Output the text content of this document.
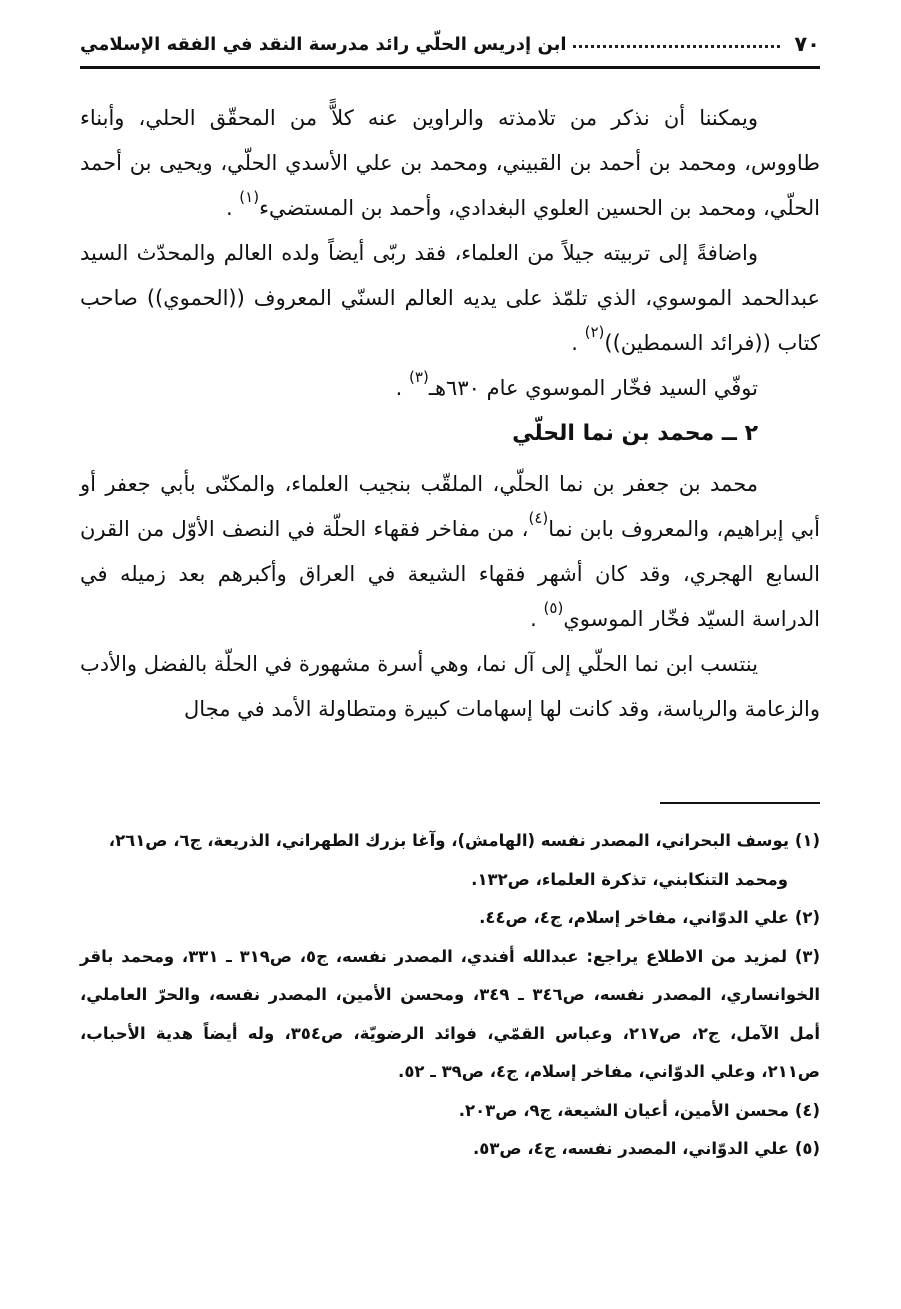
٧٠
ابن إدريس الحلّي رائد مدرسة النقد في الفقه الإسلامي

ويمكننا أن نذكر من تلامذته والراوين عنه كلاًّ من المحقّق الحلي، وأبناء طاووس، ومحمد بن أحمد بن القبيني، ومحمد بن علي الأسدي الحلّي، ويحيى بن أحمد الحلّي، ومحمد بن الحسين العلوي البغدادي، وأحمد بن المستضيء$^{(١)}$ .

واضافةً إلى تربيته جيلاً من العلماء، فقد ربّى أيضاً ولده العالم والمحدّث السيد عبدالحمد الموسوي، الذي تلمّذ على يديه العالم السنّي المعروف ((الحموي)) صاحب كتاب ((فرائد السمطين))$^{(٢)}$ .

توفّي السيد فخّار الموسوي عام ٦٣٠هـ$^{(٣)}$ .

٢ ــ محمد بن نما الحلّي

محمد بن جعفر بن نما الحلّي، الملقّب بنجيب العلماء، والمكنّى بأبي جعفر أو أبي إبراهيم، والمعروف بابن نما$^{(٤)}$، من مفاخر فقهاء الحلّة في النصف الأوّل من القرن السابع الهجري، وقد كان أشهر فقهاء الشيعة في العراق وأكبرهم بعد زميله في الدراسة السيّد فخّار الموسوي$^{(٥)}$ .

ينتسب ابن نما الحلّي إلى آل نما، وهي أسرة مشهورة في الحلّة بالفضل والأدب والزعامة والرياسة، وقد كانت لها إسهامات كبيرة ومتطاولة الأمد في مجال

(١) يوسف البحراني، المصدر نفسه (الهامش)، وآغا بزرك الطهراني، الذريعة، ج٦، ص٢٦١،
ومحمد التنكابني، تذكرة العلماء، ص١٣٢.

(٢) علي الدوّاني، مفاخر إسلام، ج٤، ص٤٤.

(٣) لمزيد من الاطلاع يراجع: عبدالله أفندي، المصدر نفسه، ج٥، ص٣١٩ ـ ٣٣١، ومحمد باقر الخوانساري، المصدر نفسه، ص٣٤٦ ـ ٣٤٩، ومحسن الأمين، المصدر نفسه، والحرّ العاملي، أمل الآمل، ج٢، ص٢١٧، وعباس القمّي، فوائد الرضويّة، ص٣٥٤، وله أيضاً هدية الأحباب، ص٢١١، وعلي الدوّاني، مفاخر إسلام، ج٤، ص٣٩ ـ ٥٢.

(٤) محسن الأمين، أعيان الشيعة، ج٩، ص٢٠٣.

(٥) علي الدوّاني، المصدر نفسه، ج٤، ص٥٣.
